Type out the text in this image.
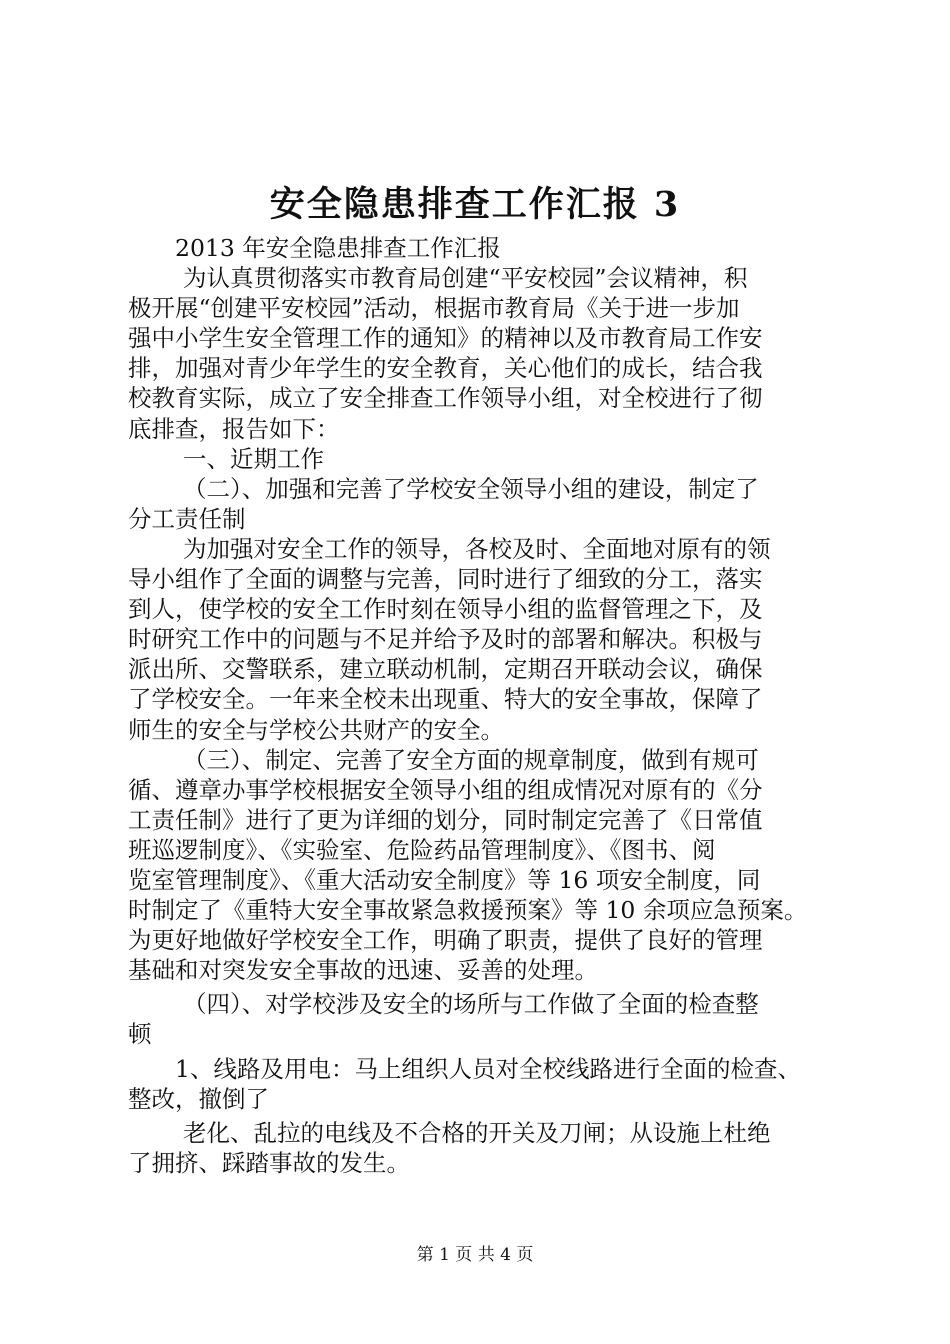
安全隐患排查工作汇报 3

2013 年安全隐患排查工作汇报

为认真贯彻落实市教育局创建“平安校园”会议精神，积

极开展“创建平安校园”活动，根据市教育局《关于进一步加

强中小学生安全管理工作的通知》的精神以及市教育局工作安

排，加强对青少年学生的安全教育，关心他们的成长，结合我

校教育实际，成立了安全排查工作领导小组，对全校进行了彻

底排查，报告如下：

一、近期工作

（二）、加强和完善了学校安全领导小组的建设，制定了

分工责任制

为加强对安全工作的领导，各校及时、全面地对原有的领

导小组作了全面的调整与完善，同时进行了细致的分工，落实

到人，使学校的安全工作时刻在领导小组的监督管理之下，及

时研究工作中的问题与不足并给予及时的部署和解决。积极与

派出所、交警联系，建立联动机制，定期召开联动会议，确保

了学校安全。一年来全校未出现重、特大的安全事故，保障了

师生的安全与学校公共财产的安全。

（三）、制定、完善了安全方面的规章制度，做到有规可

循、遵章办事学校根据安全领导小组的组成情况对原有的《分

工责任制》进行了更为详细的划分，同时制定完善了《日常值

班巡逻制度》、《实验室、危险药品管理制度》、《图书、阅

览室管理制度》、《重大活动安全制度》等 16 项安全制度，同

时制定了《重特大安全事故紧急救援预案》等 10 余项应急预案。

为更好地做好学校安全工作，明确了职责，提供了良好的管理

基础和对突发安全事故的迅速、妥善的处理。

（四）、对学校涉及安全的场所与工作做了全面的检查整

顿

1、线路及用电：马上组织人员对全校线路进行全面的检查、

整改，撤倒了

老化、乱拉的电线及不合格的开关及刀闸；从设施上杜绝

了拥挤、踩踏事故的发生。

第 1 页 共 4 页
